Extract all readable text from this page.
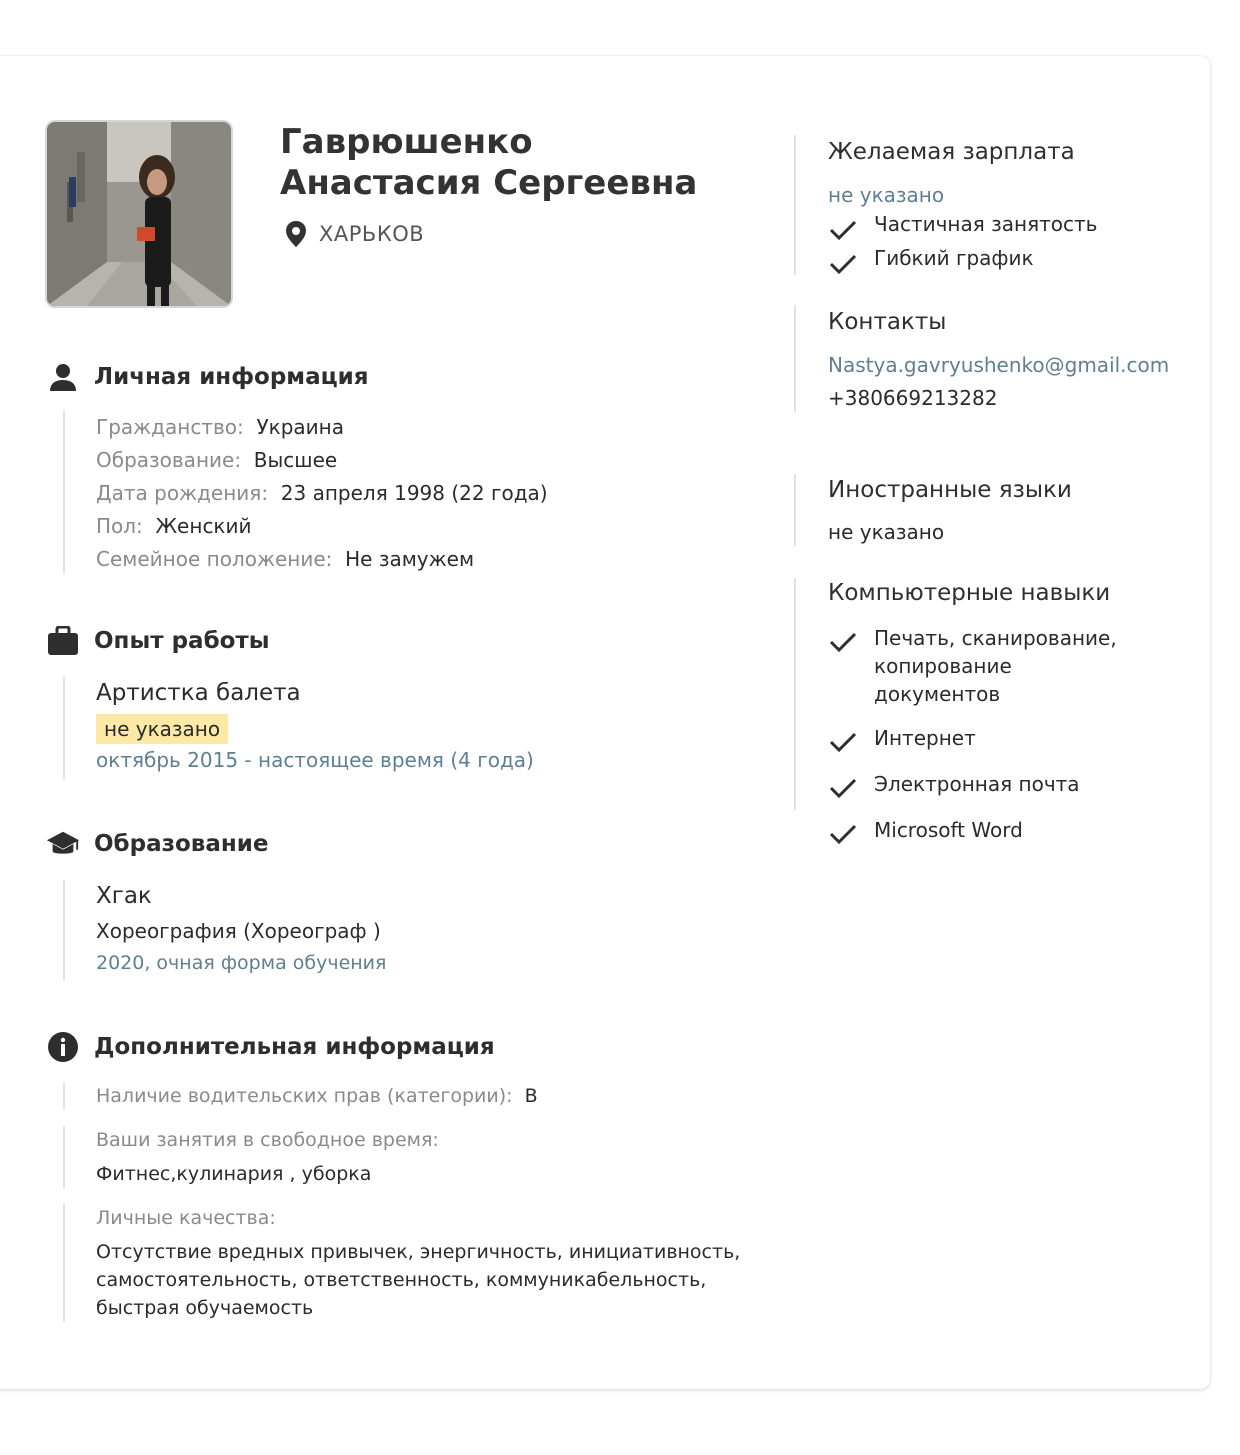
Гаврюшенко Анастасия Сергеевна
ХАРЬКОВ
Личная информация
Гражданство: Украина
Образование: Высшее
Дата рождения: 23 апреля 1998 (22 года)
Пол: Женский
Семейное положение: Не замужем
Опыт работы
Артистка балета
не указано
октябрь 2015 - настоящее время (4 года)
Образование
Хгак
Хореография (Хореограф )
2020, очная форма обучения
Дополнительная информация
Наличие водительских прав (категории): B
Ваши занятия в свободное время:
Фитнес,кулинария , уборка
Личные качества:
Отсутствие вредных привычек, энергичность, инициативность, самостоятельность, ответственность, коммуникабельность, быстрая обучаемость
Желаемая зарплата
не указано
Частичная занятость
Гибкий график
Контакты
Nastya.gavryushenko@gmail.com
+380669213282
Иностранные языки
не указано
Компьютерные навыки
Печать, сканирование, копирование документов
Интернет
Электронная почта
Microsoft Word
